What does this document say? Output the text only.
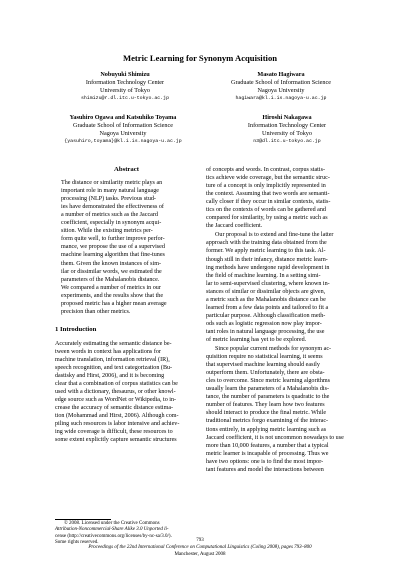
Metric Learning for Synonym Acquisition
Nobuyuki Shimizu
Information Technology Center
University of Tokyo
shimizu@r.dl.itc.u-tokyo.ac.jp
Masato Hagiwara
Graduate School of Information Science
Nagoya University
hagiwara@kl.i.is.nagoya-u.ac.jp
Yasuhiro Ogawa and Katsuhiko Toyama
Graduate School of Information Science
Nagoya University
{yasuhiro,toyama}@kl.i.is.nagoya-u.ac.jp
Hiroshi Nakagawa
Information Technology Center
University of Tokyo
n3@dl.itc.u-tokyo.ac.jp
Abstract
The distance or similarity metric plays an
important role in many natural language
processing (NLP) tasks. Previous stud-
ies have demonstrated the effectiveness of
a number of metrics such as the Jaccard
coefficient, especially in synonym acqui-
sition. While the existing metrics per-
form quite well, to further improve perfor-
mance, we propose the use of a supervised
machine learning algorithm that fine-tunes
them. Given the known instances of sim-
ilar or dissimilar words, we estimated the
parameters of the Mahalanobis distance.
We compared a number of metrics in our
experiments, and the results show that the
proposed metric has a higher mean average
precision than other metrics.
1 Introduction
Accurately estimating the semantic distance be-
tween words in context has applications for
machine translation, information retrieval (IR),
speech recognition, and text categorization (Bu-
dastisky and Hirst, 2006), and it is becoming
clear that a combination of corpus statistics can be
used with a dictionary, thesaurus, or other knowl-
edge source such as WordNet or Wikipedia, to in-
crease the accuracy of semantic distance estima-
tion (Mohammad and Hirst, 2006). Although com-
piling such resources is labor intensive and achiev-
ing wide coverage is difficult, these resources to
some extent explicitly capture semantic structures
© 2008. Licensed under the Creative Commons
Attribution-Noncommercial-Share Alike 3.0 Unported li-
cense (http://creativecommons.org/licenses/by-nc-sa/3.0/).
Some rights reserved.
of concepts and words. In contrast, corpus statis-
tics achieve wide coverage, but the semantic struc-
ture of a concept is only implicitly represented in
the context. Assuming that two words are semanti-
cally closer if they occur in similar contexts, statis-
tics on the contexts of words can be gathered and
compared for similarity, by using a metric such as
the Jaccard coefficient.
Our proposal is to extend and fine-tune the latter
approach with the training data obtained from the
former. We apply metric learning to this task. Al-
though still in their infancy, distance metric learn-
ing methods have undergone rapid development in
the field of machine learning. In a setting simi-
lar to semi-supervised clustering, where known in-
stances of similar or dissimilar objects are given,
a metric such as the Mahalanobis distance can be
learned from a few data points and tailored to fit a
particular purpose. Although classification meth-
ods such as logistic regression now play impor-
tant roles in natural language processing, the use
of metric learning has yet to be explored.
Since popular current methods for synonym ac-
quisition require no statistical learning, it seems
that supervised machine learning should easily
outperform them. Unfortunately, there are obsta-
cles to overcome. Since metric learning algorithms
usually learn the parameters of a Mahalanobis dis-
tance, the number of parameters is quadratic to the
number of features. They learn how two features
should interact to produce the final metric. While
traditional metrics forgo examining of the interac-
tions entirely, in applying metric learning such as
Jaccard coefficient, it is not uncommon nowadays to use
more than 10,000 features, a number that a typical
metric learner is incapable of processing. Thus we
have two options: one is to find the most impor-
tant features and model the interactions between
793
Proceedings of the 22nd International Conference on Computational Linguistics (Coling 2008), pages 793–800
Manchester, August 2008
